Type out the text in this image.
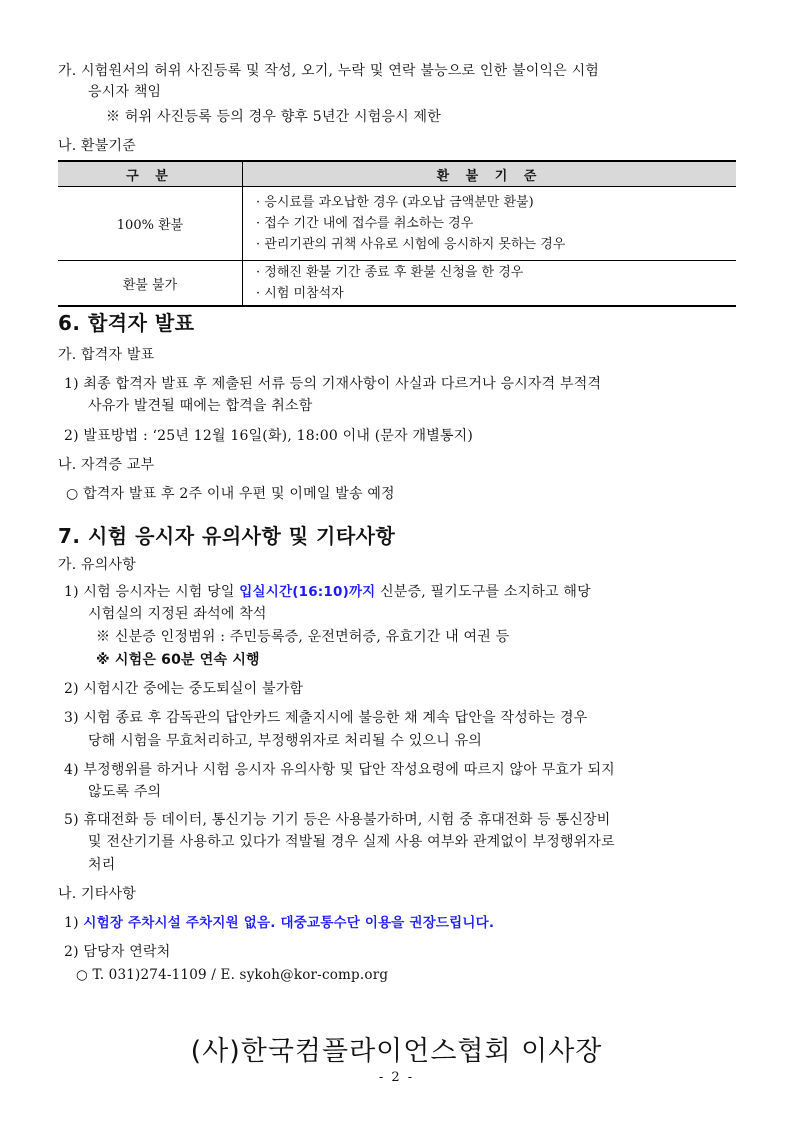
가. 시험원서의 허위 사진등록 및 작성, 오기, 누락 및 연락 불능으로 인한 불이익은 시험
응시자 책임
※ 허위 사진등록 등의 경우 향후 5년간 시험응시 제한
나. 환불기준
구 분	환 불 기 준
100% 환불	· 응시료를 과오납한 경우 (과오납 금액분만 환불)
· 접수 기간 내에 접수를 취소하는 경우
· 관리기관의 귀책 사유로 시험에 응시하지 못하는 경우

환불 불가	· 정해진 환불 기간 종료 후 환불 신청을 한 경우
· 시험 미참석자
6. 합격자 발표
가. 합격자 발표
1) 최종 합격자 발표 후 제출된 서류 등의 기재사항이 사실과 다르거나 응시자격 부적격
사유가 발견될 때에는 합격을 취소함
2) 발표방법 : ‘25년 12월 16일(화), 18:00 이내 (문자 개별통지)
나. 자격증 교부
○ 합격자 발표 후 2주 이내 우편 및 이메일 발송 예정
7. 시험 응시자 유의사항 및 기타사항
가. 유의사항
1) 시험 응시자는 시험 당일 입실시간(16:10)까지 신분증, 필기도구를 소지하고 해당
시험실의 지정된 좌석에 착석
※ 신분증 인정범위 : 주민등록증, 운전면허증, 유효기간 내 여권 등
※ 시험은 60분 연속 시행
2) 시험시간 중에는 중도퇴실이 불가함
3) 시험 종료 후 감독관의 답안카드 제출지시에 불응한 채 계속 답안을 작성하는 경우
당해 시험을 무효처리하고, 부정행위자로 처리될 수 있으니 유의
4) 부정행위를 하거나 시험 응시자 유의사항 및 답안 작성요령에 따르지 않아 무효가 되지
않도록 주의
5) 휴대전화 등 데이터, 통신기능 기기 등은 사용불가하며, 시험 중 휴대전화 등 통신장비
및 전산기기를 사용하고 있다가 적발될 경우 실제 사용 여부와 관계없이 부정행위자로
처리
나. 기타사항
1) 시험장 주차시설 주차지원 없음. 대중교통수단 이용을 권장드립니다.
2) 담당자 연락처
○ T. 031)274-1109 / E. sykoh@kor-comp.org
(사)한국컴플라이언스협회 이사장
- 2 -
